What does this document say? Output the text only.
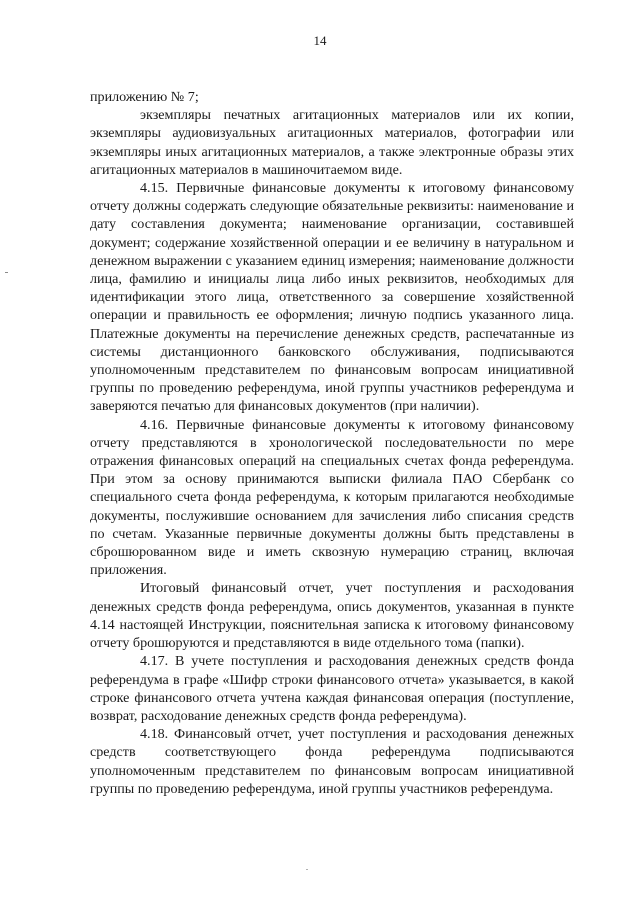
14

приложению № 7;

экземпляры печатных агитационных материалов или их копии, экземпляры аудиовизуальных агитационных материалов, фотографии или экземпляры иных агитационных материалов, а также электронные образы этих агитационных материалов в машиночитаемом виде.

4.15. Первичные финансовые документы к итоговому финансовому отчету должны содержать следующие обязательные реквизиты: наименование и дату составления документа; наименование организации, составившей документ; содержание хозяйственной операции и ее величину в натуральном и денежном выражении с указанием единиц измерения; наименование должности лица, фамилию и инициалы лица либо иных реквизитов, необходимых для идентификации этого лица, ответственного за совершение хозяйственной операции и правильность ее оформления; личную подпись указанного лица. Платежные документы на перечисление денежных средств, распечатанные из системы дистанционного банковского обслуживания, подписываются уполномоченным представителем по финансовым вопросам инициативной группы по проведению референдума, иной группы участников референдума и заверяются печатью для финансовых документов (при наличии).

4.16. Первичные финансовые документы к итоговому финансовому отчету представляются в хронологической последовательности по мере отражения финансовых операций на специальных счетах фонда референдума. При этом за основу принимаются выписки филиала ПАО Сбербанк со специального счета фонда референдума, к которым прилагаются необходимые документы, послужившие основанием для зачисления либо списания средств по счетам. Указанные первичные документы должны быть представлены в сброшюрованном виде и иметь сквозную нумерацию страниц, включая приложения.

Итоговый финансовый отчет, учет поступления и расходования денежных средств фонда референдума, опись документов, указанная в пункте 4.14 настоящей Инструкции, пояснительная записка к итоговому финансовому отчету брошюруются и представляются в виде отдельного тома (папки).

4.17. В учете поступления и расходования денежных средств фонда референдума в графе «Шифр строки финансового отчета» указывается, в какой строке финансового отчета учтена каждая финансовая операция (поступление, возврат, расходование денежных средств фонда референдума).

4.18. Финансовый отчет, учет поступления и расходования денежных средств соответствующего фонда референдума подписываются уполномоченным представителем по финансовым вопросам инициативной группы по проведению референдума, иной группы участников референдума.
